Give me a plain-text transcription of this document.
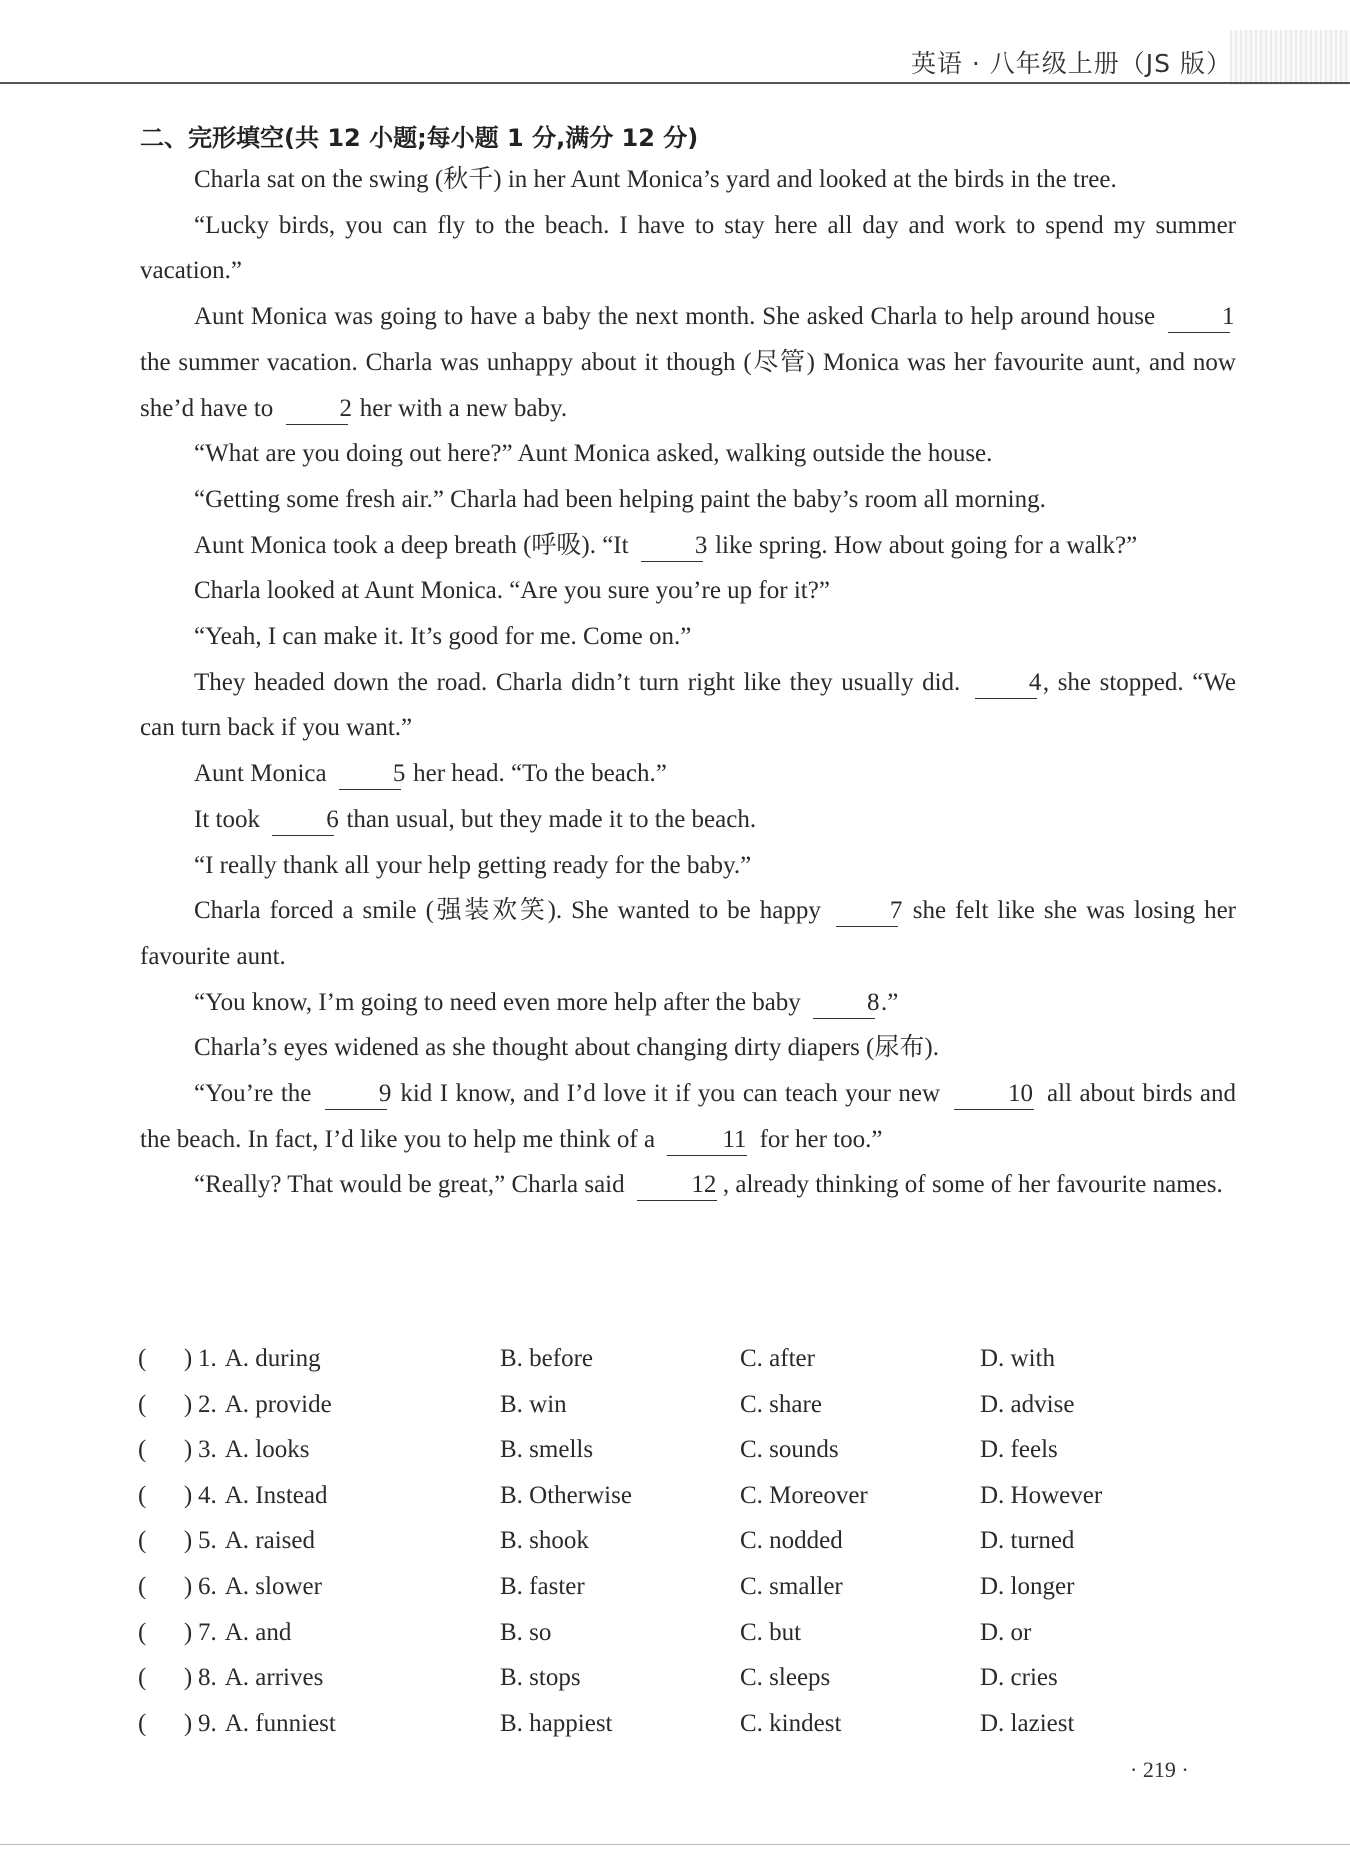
英语 · 八年级上册（JS 版）
二、完形填空(共 12 小题;每小题 1 分,满分 12 分)

Charla sat on the swing (秋千) in her Aunt Monica’s yard and looked at the birds in the tree.

“Lucky birds, you can fly to the beach. I have to stay here all day and work to spend my summer vacation.”

Aunt Monica was going to have a baby the next month. She asked Charla to help around house 1 the summer vacation. Charla was unhappy about it though (尽管) Monica was her favourite aunt, and now she’d have to 2 her with a new baby.

“What are you doing out here?” Aunt Monica asked, walking outside the house.

“Getting some fresh air.” Charla had been helping paint the baby’s room all morning.

Aunt Monica took a deep breath (呼吸). “It 3 like spring. How about going for a walk?”

Charla looked at Aunt Monica. “Are you sure you’re up for it?”

“Yeah, I can make it. It’s good for me. Come on.”

They headed down the road. Charla didn’t turn right like they usually did. 4, she stopped. “We can turn back if you want.”

Aunt Monica 5 her head. “To the beach.”

It took 6 than usual, but they made it to the beach.

“I really thank all your help getting ready for the baby.”

Charla forced a smile (强装欢笑). She wanted to be happy 7 she felt like she was losing her favourite aunt.

“You know, I’m going to need even more help after the baby 8.”

Charla’s eyes widened as she thought about changing dirty diapers (尿布).

“You’re the 9 kid I know, and I’d love it if you can teach your new 10 all about birds and the beach. In fact, I’d like you to help me think of a 11 for her too.”

“Really? That would be great,” Charla said 12 , already thinking of some of her favourite names.

(      ) 1. A. during	B. before	C. after	D. with
(      ) 2. A. provide	B. win	C. share	D. advise
(      ) 3. A. looks	B. smells	C. sounds	D. feels
(      ) 4. A. Instead	B. Otherwise	C. Moreover	D. However
(      ) 5. A. raised	B. shook	C. nodded	D. turned
(      ) 6. A. slower	B. faster	C. smaller	D. longer
(      ) 7. A. and	B. so	C. but	D. or
(      ) 8. A. arrives	B. stops	C. sleeps	D. cries
(      ) 9. A. funniest	B. happiest	C. kindest	D. laziest
· 219 ·
